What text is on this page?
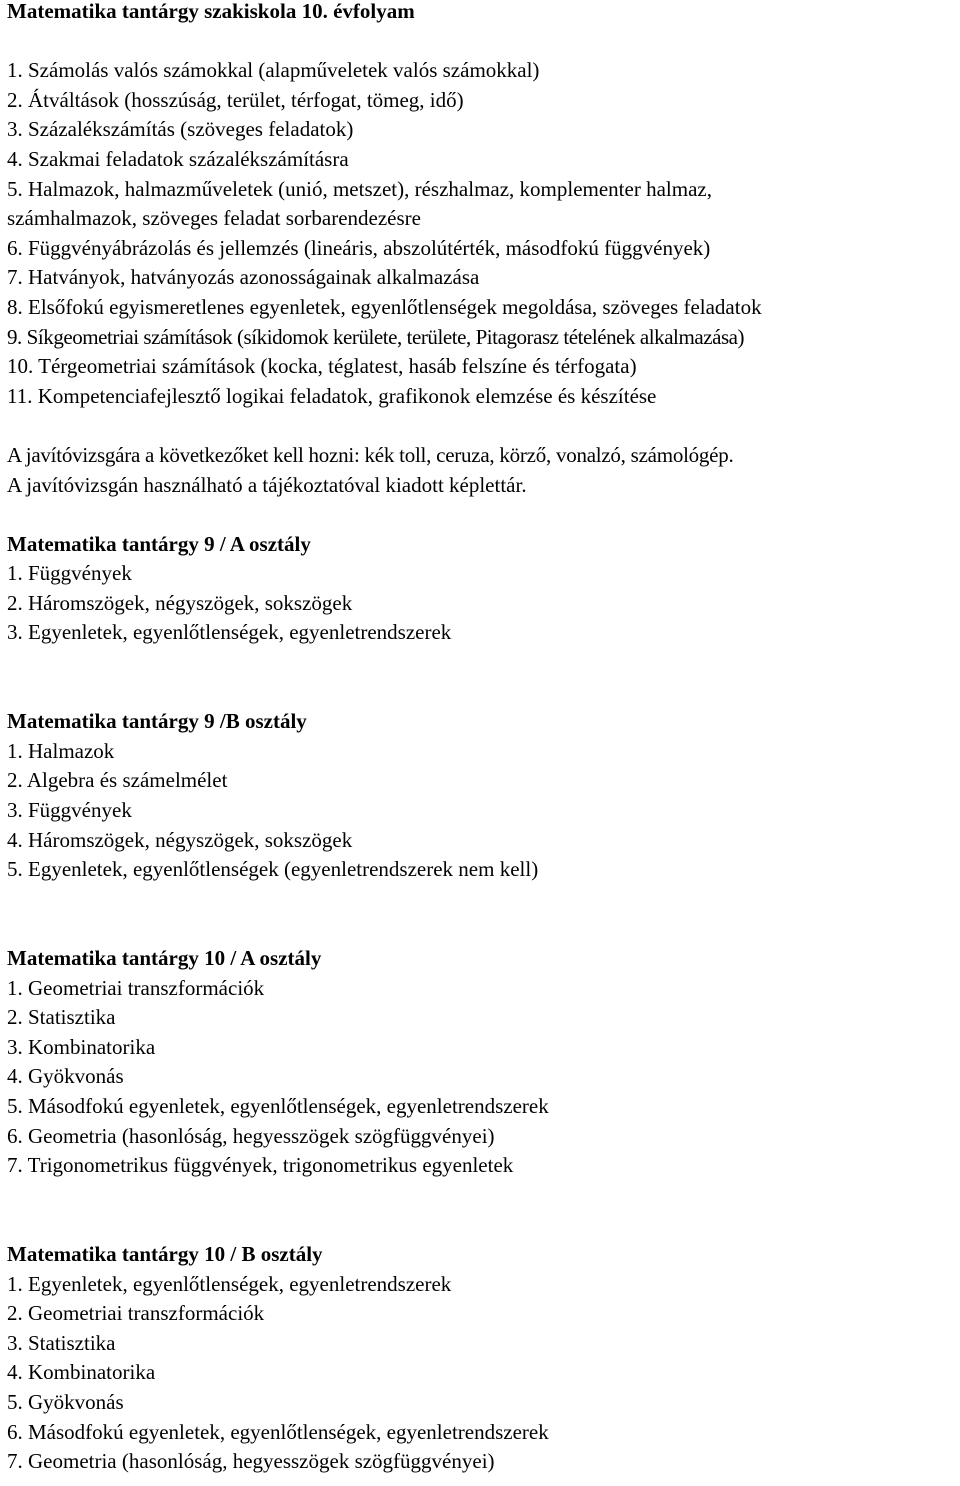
Matematika tantárgy szakiskola 10. évfolyam
1. Számolás valós számokkal (alapműveletek valós számokkal)
2. Átváltások (hosszúság, terület, térfogat, tömeg, idő)
3. Százalékszámítás (szöveges feladatok)
4. Szakmai feladatok százalékszámításra
5. Halmazok, halmazműveletek (unió, metszet), részhalmaz, komplementer halmaz,
számhalmazok, szöveges feladat sorbarendezésre
6. Függvényábrázolás és jellemzés (lineáris, abszolútérték, másodfokú függvények)
7. Hatványok, hatványozás azonosságainak alkalmazása
8. Elsőfokú egyismeretlenes egyenletek, egyenlőtlenségek megoldása, szöveges feladatok
9. Síkgeometriai számítások (síkidomok kerülete, területe, Pitagorasz tételének alkalmazása)
10. Térgeometriai számítások (kocka, téglatest, hasáb felszíne és térfogata)
11. Kompetenciafejlesztő logikai feladatok, grafikonok elemzése és készítése
A javítóvizsgára a következőket kell hozni: kék toll, ceruza, körző, vonalzó, számológép.
A javítóvizsgán használható a tájékoztatóval kiadott képlettár.
Matematika tantárgy 9 / A osztály
1. Függvények
2. Háromszögek, négyszögek, sokszögek
3. Egyenletek, egyenlőtlenségek, egyenletrendszerek
Matematika tantárgy 9 /B osztály
1. Halmazok
2. Algebra és számelmélet
3. Függvények
4. Háromszögek, négyszögek, sokszögek
5. Egyenletek, egyenlőtlenségek (egyenletrendszerek nem kell)
Matematika tantárgy 10 / A osztály
1. Geometriai transzformációk
2. Statisztika
3. Kombinatorika
4. Gyökvonás
5. Másodfokú egyenletek, egyenlőtlenségek, egyenletrendszerek
6. Geometria (hasonlóság, hegyesszögek szögfüggvényei)
7. Trigonometrikus függvények, trigonometrikus egyenletek
Matematika tantárgy 10 / B osztály
1. Egyenletek, egyenlőtlenségek, egyenletrendszerek
2. Geometriai transzformációk
3. Statisztika
4. Kombinatorika
5. Gyökvonás
6. Másodfokú egyenletek, egyenlőtlenségek, egyenletrendszerek
7. Geometria (hasonlóság, hegyesszögek szögfüggvényei)
